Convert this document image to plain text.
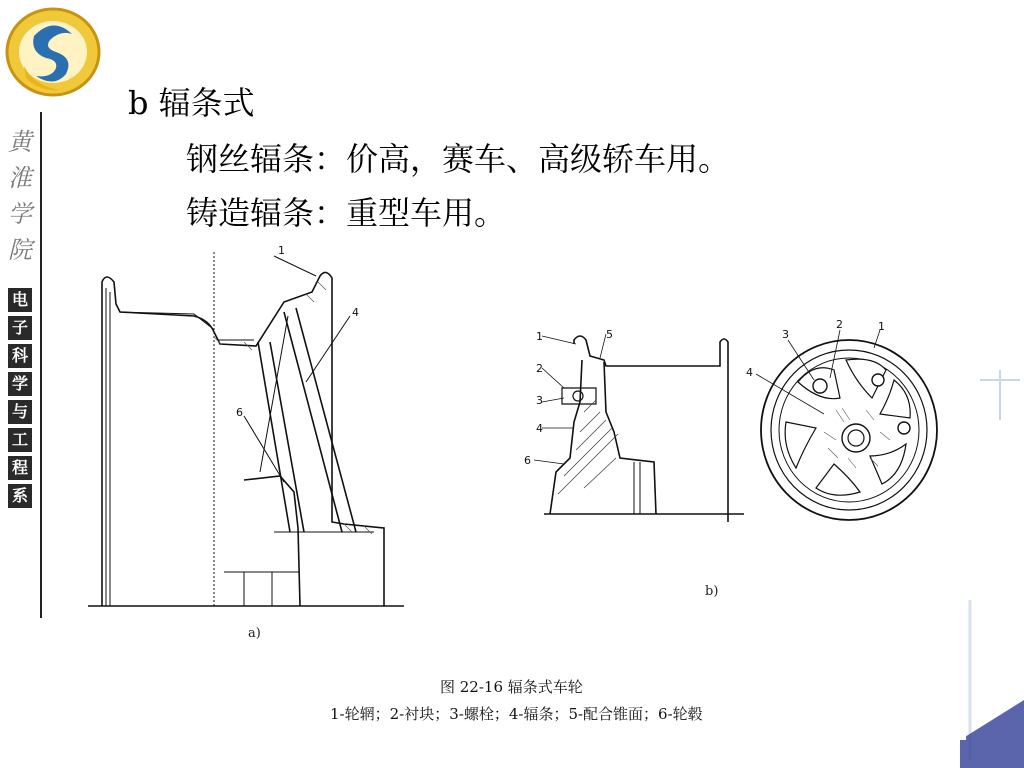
黄
淮
学
院
电
子
科
学
与
工
程
系
b 辐条式
钢丝辐条：价高，赛车、高级轿车用。
铸造辐条：重型车用。
1
4
6
1	5
2
3
4
6
3
2	1
4
a)
b)
图 22-16 辐条式车轮
1-轮辋；2-衬块；3-螺栓；4-辐条；5-配合锥面；6-轮毂
